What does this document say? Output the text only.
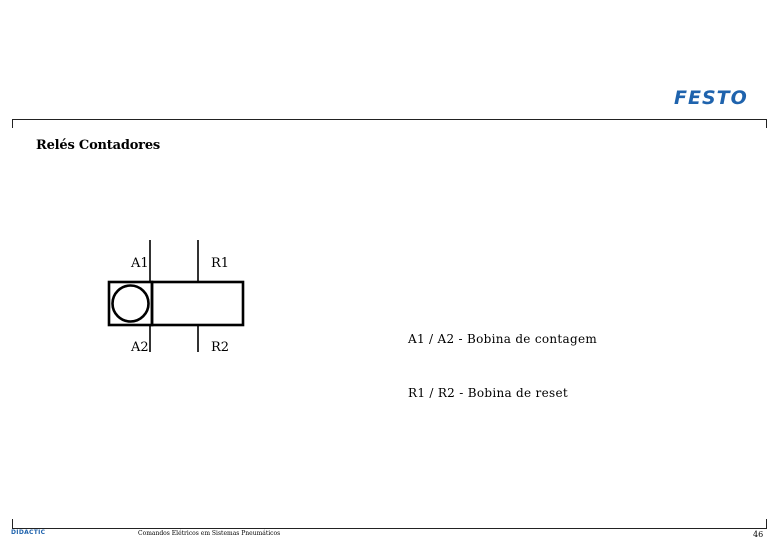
FESTO
Relés Contadores
A1	R1
A2	R2
A1 / A2 - Bobina de contagem
R1 / R2 - Bobina de reset
DIDACTIC	Comandos Elétricos em Sistemas Pneumáticos	46
